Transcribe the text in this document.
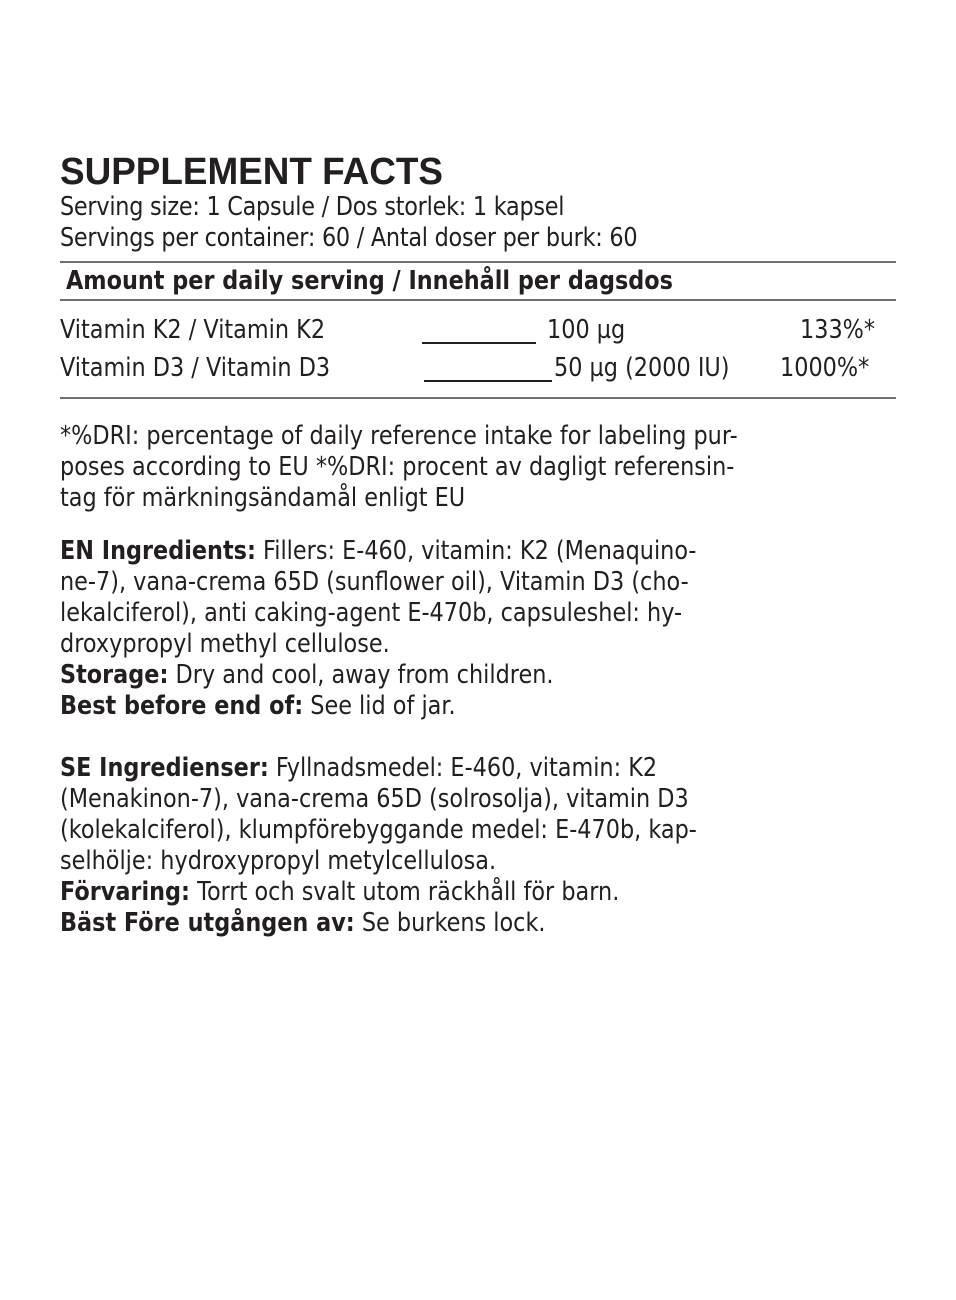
SUPPLEMENT FACTS
Serving size: 1 Capsule / Dos storlek: 1 kapsel
Servings per container: 60 / Antal doser per burk: 60
Amount per daily serving / Innehåll per dagsdos
Vitamin K2 / Vitamin K2	100 µg	133%*
Vitamin D3 / Vitamin D3	50 µg (2000 IU) 1000%*
*%DRI: percentage of daily reference intake for labeling pur-
poses according to EU *%DRI: procent av dagligt referensin-
tag för märkningsändamål enligt EU
EN Ingredients: Fillers: E-460, vitamin: K2 (Menaquino-
ne-7), vana-crema 65D (sunflower oil), Vitamin D3 (cho-
lekalciferol), anti caking-agent E-470b, capsuleshel: hy-
droxypropyl methyl cellulose.
Storage: Dry and cool, away from children.
Best before end of: See lid of jar.
SE Ingredienser: Fyllnadsmedel: E-460, vitamin: K2
(Menakinon-7), vana-crema 65D (solrosolja), vitamin D3
(kolekalciferol), klumpförebyggande medel: E-470b, kap-
selhölje: hydroxypropyl metylcellulosa.
Förvaring: Torrt och svalt utom räckhåll för barn.
Bäst Före utgången av: Se burkens lock.
